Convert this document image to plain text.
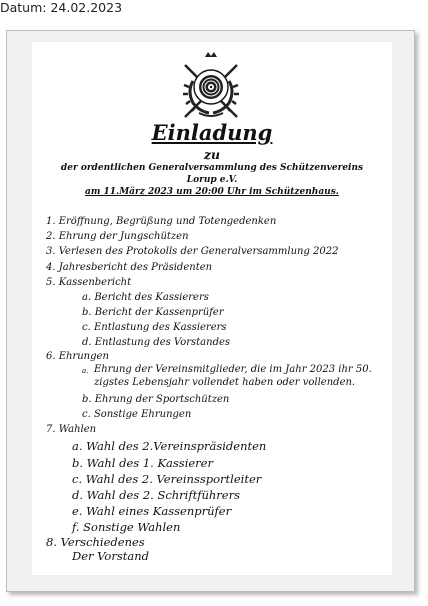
Datum: 24.02.2023
Einladung
zu
der ordentlichen Generalversammlung des Schützenvereins
Lorup e.V.
am 11.März 2023 um 20:00 Uhr im Schützenhaus.
1. Eröffnung, Begrüßung und Totengedenken
2. Ehrung der Jungschützen
3. Verlesen des Protokolls der Generalversammlung 2022
4. Jahresbericht des Präsidenten
5. Kassenbericht
a. Bericht des Kassierers
b. Bericht der Kassenprüfer
c. Entlastung des Kassierers
d. Entlastung des Vorstandes
6. Ehrungen
a. Ehrung der Vereinsmitglieder, die im Jahr 2023 ihr 50.
zigstes Lebensjahr vollendet haben oder vollenden.
b. Ehrung der Sportschützen
c. Sonstige Ehrungen
7. Wahlen
a. Wahl des 2.Vereinspräsidenten
b. Wahl des 1. Kassierer
c. Wahl des 2. Vereinssportleiter
d. Wahl des 2. Schriftführers
e. Wahl eines Kassenprüfer
f. Sonstige Wahlen
8. Verschiedenes
Der Vorstand
